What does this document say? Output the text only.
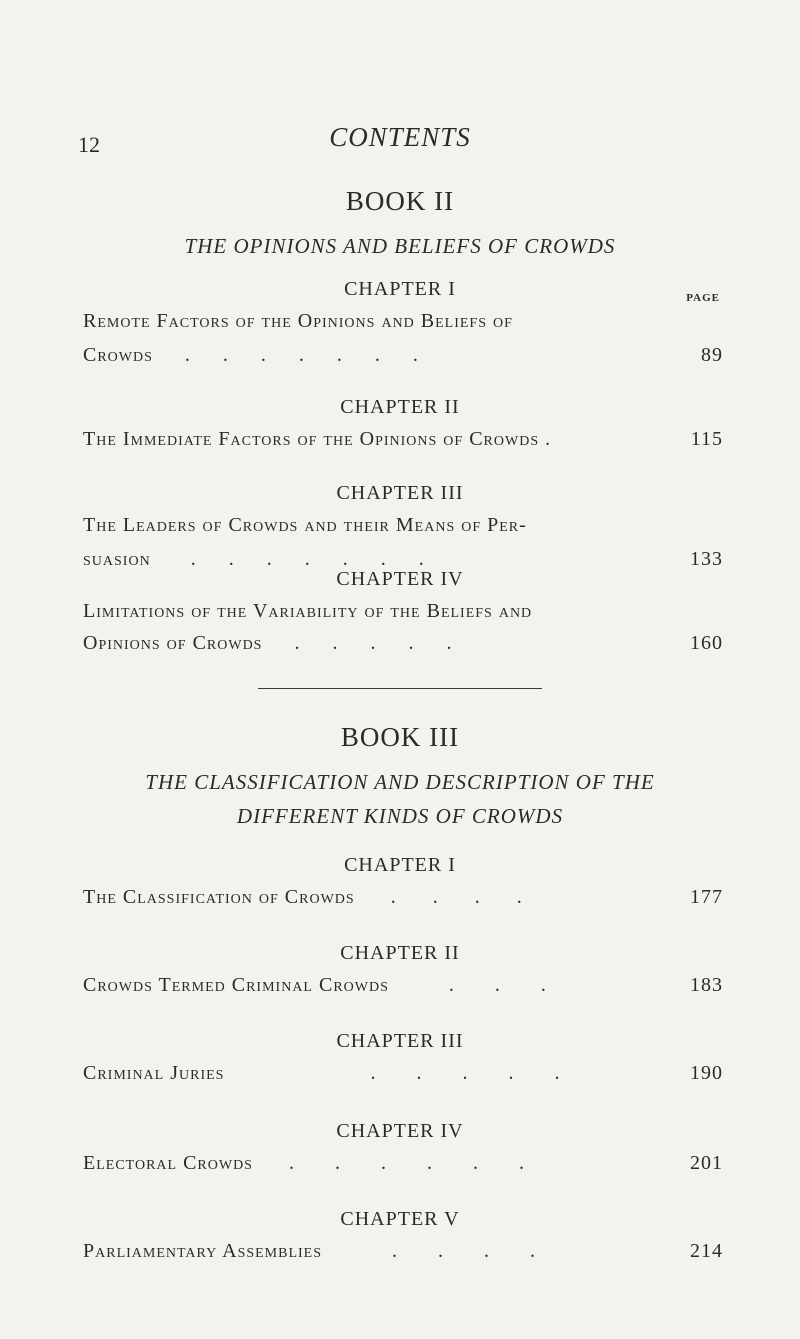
12	CONTENTS
BOOK II
THE OPINIONS AND BELIEFS OF CROWDS
CHAPTER I	PAGE
Remote Factors of the Opinions and Beliefs of
Crowds . . . . . . .	89
CHAPTER II
The Immediate Factors of the Opinions of Crowds .	115
CHAPTER III
The Leaders of Crowds and their Means of Per-
suasion . . . . . . .	133
CHAPTER IV
Limitations of the Variability of the Beliefs and
Opinions of Crowds . . . . .	160
BOOK III
THE CLASSIFICATION AND DESCRIPTION OF THE
DIFFERENT KINDS OF CROWDS
CHAPTER I
The Classification of Crowds . . . .	177
CHAPTER II
Crowds Termed Criminal Crowds	. . .	183
CHAPTER III
Criminal Juries	. . . . .	190
CHAPTER IV
Electoral Crowds . . . . . .	201
CHAPTER V
Parliamentary Assemblies	. . . .	214
